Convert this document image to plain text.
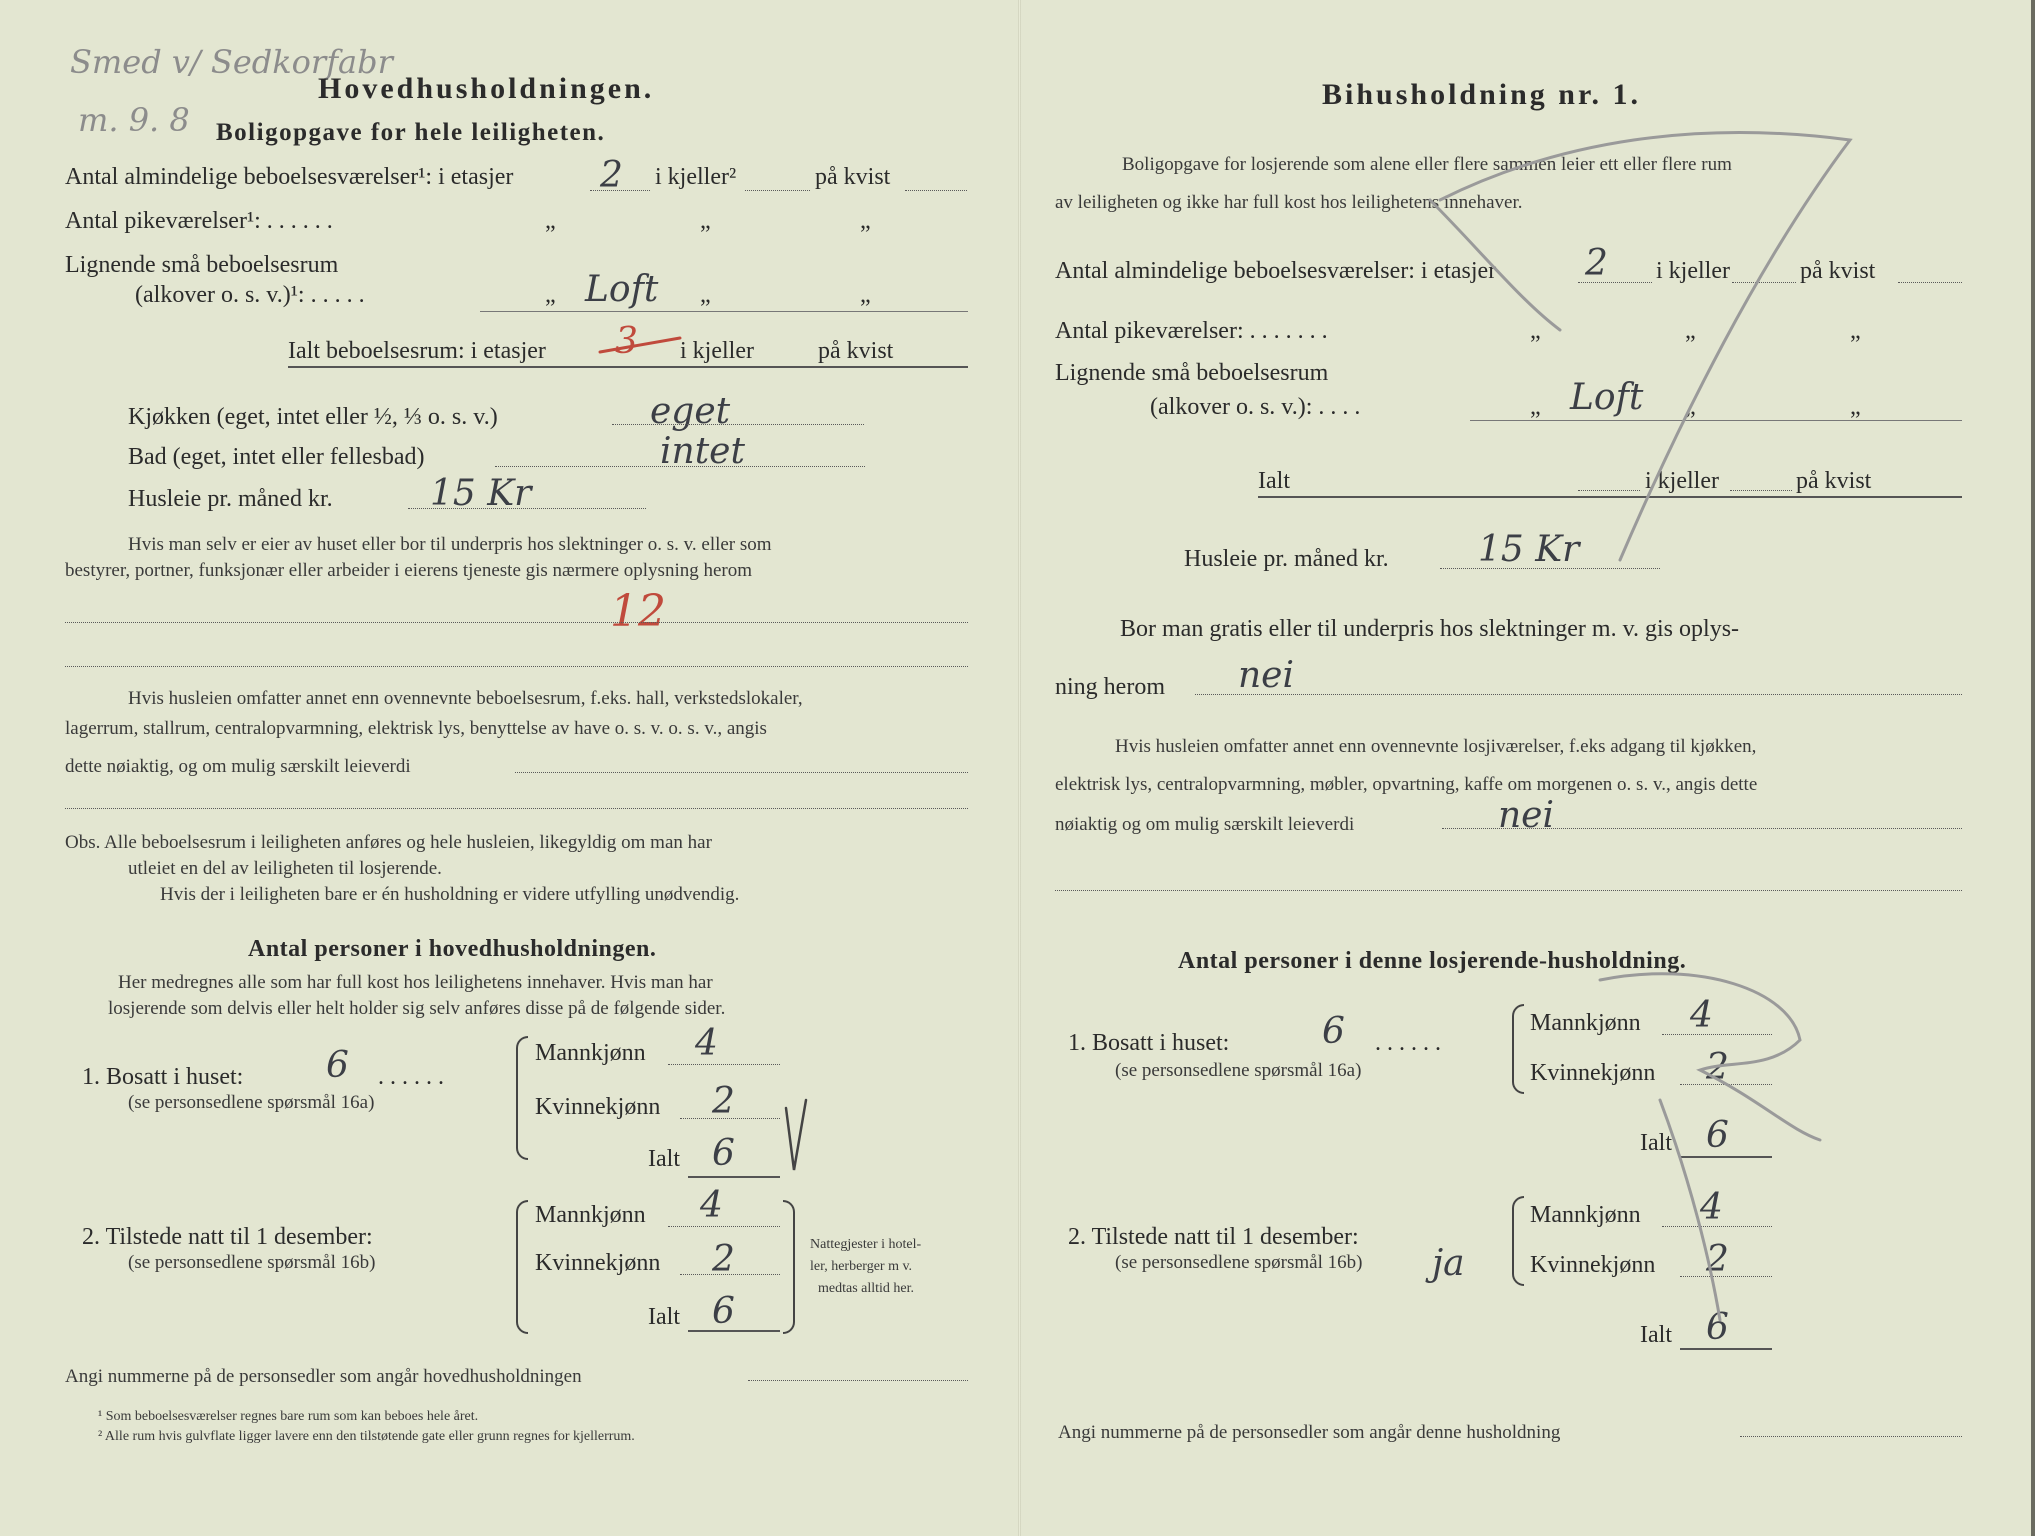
Smed v/ Sedkorfabr
m. 9. 8
Hovedhusholdningen.
Boligopgave for hele leiligheten.
Antal almindelige beboelsesværelser¹: i etasjer 2 i kjeller²	på kvist
Antal pikeværelser¹: . . . . . .	„	„	„
Lignende små beboelsesrum
(alkover o. s. v.)¹: . . . . .	„ Loft „	„
Ialt beboelsesrum: i etasjer 3 i kjeller	på kvist
Kjøkken (eget, intet eller ½, ⅓ o. s. v.)	eget
Bad (eget, intet eller fellesbad)	intet
Husleie pr. måned kr.	15 Kr
Hvis man selv er eier av huset eller bor til underpris hos slektninger o. s. v. eller som
bestyrer, portner, funksjonær eller arbeider i eierens tjeneste gis nærmere oplysning herom
12
Hvis husleien omfatter annet enn ovennevnte beboelsesrum, f.eks. hall, verkstedslokaler,
lagerrum, stallrum, centralopvarmning, elektrisk lys, benyttelse av have o. s. v. o. s. v., angis
dette nøiaktig, og om mulig særskilt leieverdi
Obs. Alle beboelsesrum i leiligheten anføres og hele husleien, likegyldig om man har
utleiet en del av leiligheten til losjerende.
Hvis der i leiligheten bare er én husholdning er videre utfylling unødvendig.
Antal personer i hovedhusholdningen.
Her medregnes alle som har full kost hos leilighetens innehaver. Hvis man har
losjerende som delvis eller helt holder sig selv anføres disse på de følgende sider.
1. Bosatt i huset: 6 . . . . . .
(se personsedlene spørsmål 16a)
Mannkjønn 4
Kvinnekjønn 2
Ialt 6
2. Tilstede natt til 1 desember:
(se personsedlene spørsmål 16b)
Mannkjønn 4
Kvinnekjønn 2
Ialt 6
Nattegjester i hotel-
ler, herberger m v.
medtas alltid her.
Angi nummerne på de personsedler som angår hovedhusholdningen
¹ Som beboelsesværelser regnes bare rum som kan beboes hele året.
² Alle rum hvis gulvflate ligger lavere enn den tilstøtende gate eller grunn regnes for kjellerrum.
Bihusholdning nr. 1.
Boligopgave for losjerende som alene eller flere sammen leier ett eller flere rum
av leiligheten og ikke har full kost hos leilighetens innehaver.
Antal almindelige beboelsesværelser: i etasjer 2 i kjeller	på kvist
Antal pikeværelser: . . . . . . .	„	„	„
Lignende små beboelsesrum
(alkover o. s. v.): . . . .	„ Loft „	„
Ialt	i kjeller	på kvist
Husleie pr. måned kr. 15 Kr
Bor man gratis eller til underpris hos slektninger m. v. gis oplys-
ning herom nei
Hvis husleien omfatter annet enn ovennevnte losjiværelser, f.eks adgang til kjøkken,
elektrisk lys, centralopvarmning, møbler, opvartning, kaffe om morgenen o. s. v., angis dette
nøiaktig og om mulig særskilt leieverdi	nei
Antal personer i denne losjerende-husholdning.
1. Bosatt i huset:	6 . . . . . .
(se personsedlene spørsmål 16a)
Mannkjønn 4
Kvinnekjønn 2
Ialt 6
2. Tilstede natt til 1 desember:
(se personsedlene spørsmål 16b) ja
Mannkjønn 4
Kvinnekjønn 2
Ialt 6
Angi nummerne på de personsedler som angår denne husholdning
